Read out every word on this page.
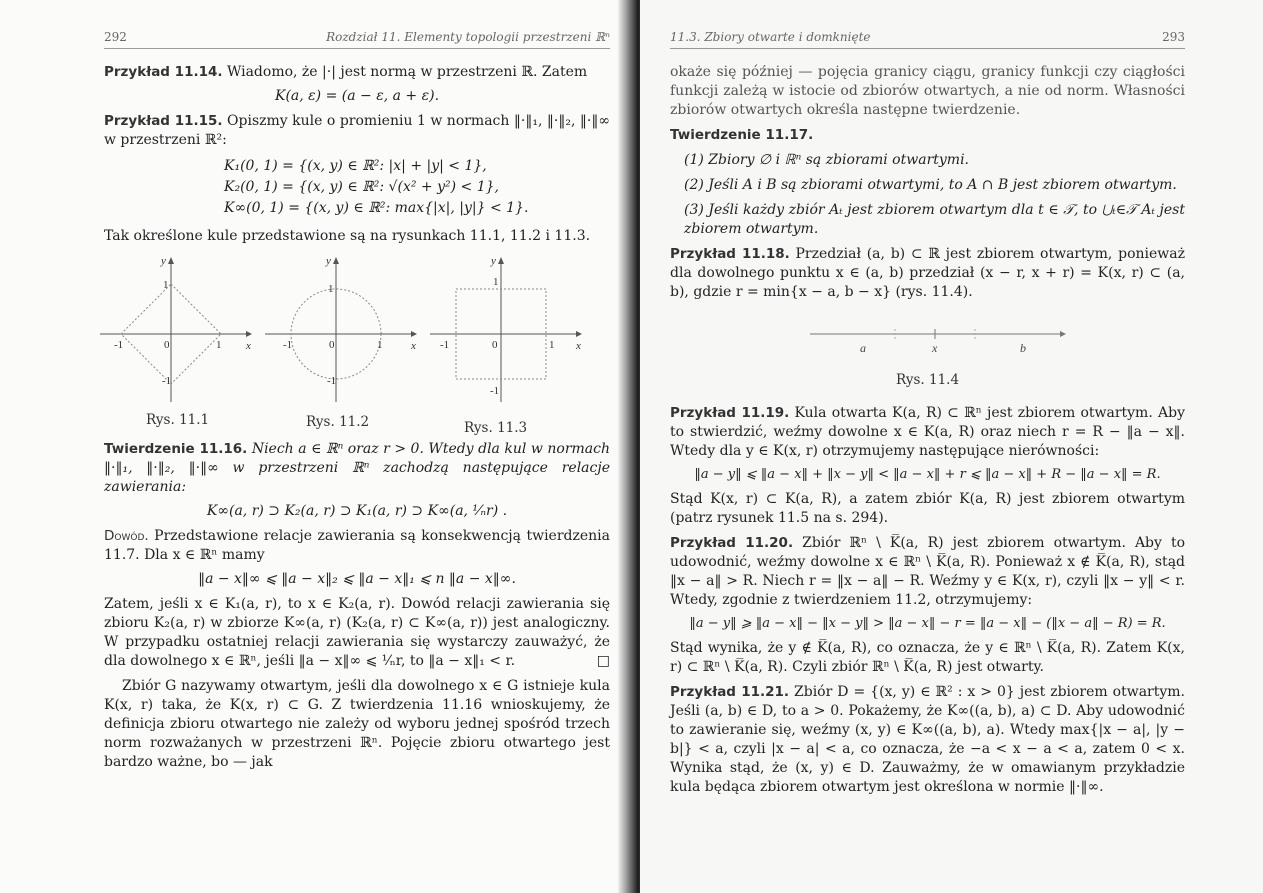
292	Rozdział 11. Elementy topologii przestrzeni ℝⁿ

Przykład 11.14. Wiadomo, że |·| jest normą w przestrzeni ℝ. Zatem

K(a, ε) = (a − ε, a + ε).

Przykład 11.15. Opiszmy kule o promieniu 1 w normach ‖·‖₁, ‖·‖₂, ‖·‖∞ w przestrzeni ℝ²:

K₁(0, 1) = {(x, y) ∈ ℝ²: |x| + |y| < 1},
K₂(0, 1) = {(x, y) ∈ ℝ²: √(x² + y²) < 1},
K∞(0, 1) = {(x, y) ∈ ℝ²: max{|x|, |y|} < 1}.

Tak określone kule przedstawione są na rysunkach 11.1, 11.2 i 11.3.

y
x
1
1
-1
-1
0
y
x
1
1
-1
-1
0
y
x
1
1
-1
-1
0
Rys. 11.1	Rys. 11.2	Rys. 11.3

Twierdzenie 11.16. Niech a ∈ ℝⁿ oraz r > 0. Wtedy dla kul w normach ‖·‖₁, ‖·‖₂, ‖·‖∞ w przestrzeni ℝⁿ zachodzą następujące relacje zawierania:

K∞(a, r) ⊃ K₂(a, r) ⊃ K₁(a, r) ⊃ K∞(a, ¹⁄ₙr) .

Dowód. Przedstawione relacje zawierania są konsekwencją twierdzenia 11.7. Dla x ∈ ℝⁿ mamy

‖a − x‖∞ ⩽ ‖a − x‖₂ ⩽ ‖a − x‖₁ ⩽ n ‖a − x‖∞.

Zatem, jeśli x ∈ K₁(a, r), to x ∈ K₂(a, r). Dowód relacji zawierania się zbioru K₂(a, r) w zbiorze K∞(a, r) (K₂(a, r) ⊂ K∞(a, r)) jest analogiczny. W przypadku ostatniej relacji zawierania się wystarczy zauważyć, że dla dowolnego x ∈ ℝⁿ, jeśli ‖a − x‖∞ ⩽ ¹⁄ₙr, to ‖a − x‖₁ < r.	□

Zbiór G nazywamy otwartym, jeśli dla dowolnego x ∈ G istnieje kula K(x, r) taka, że K(x, r) ⊂ G. Z twierdzenia 11.16 wnioskujemy, że definicja zbioru otwartego nie zależy od wyboru jednej spośród trzech norm rozważanych w przestrzeni ℝⁿ. Pojęcie zbioru otwartego jest bardzo ważne, bo — jak

11.3. Zbiory otwarte i domknięte	293

okaże się później — pojęcia granicy ciągu, granicy funkcji czy ciągłości funkcji zależą w istocie od zbiorów otwartych, a nie od norm. Własności zbiorów otwartych określa następne twierdzenie.

Twierdzenie 11.17.

(1) Zbiory ∅ i ℝⁿ są zbiorami otwartymi.

(2) Jeśli A i B są zbiorami otwartymi, to A ∩ B jest zbiorem otwartym.

(3) Jeśli każdy zbiór Aₜ jest zbiorem otwartym dla t ∈ 𝒯, to ⋃ₜ∈𝒯 Aₜ jest zbiorem otwartym.

Przykład 11.18. Przedział (a, b) ⊂ ℝ jest zbiorem otwartym, ponieważ dla dowolnego punktu x ∈ (a, b) przedział (x − r, x + r) = K(x, r) ⊂ (a, b), gdzie r = min{x − a, b − x} (rys. 11.4).

a	x	b
Rys. 11.4

Przykład 11.19. Kula otwarta K(a, R) ⊂ ℝⁿ jest zbiorem otwartym. Aby to stwierdzić, weźmy dowolne x ∈ K(a, R) oraz niech r = R − ‖a − x‖. Wtedy dla y ∈ K(x, r) otrzymujemy następujące nierówności:

‖a − y‖ ⩽ ‖a − x‖ + ‖x − y‖ < ‖a − x‖ + r ⩽ ‖a − x‖ + R − ‖a − x‖ = R.

Stąd K(x, r) ⊂ K(a, R), a zatem zbiór K(a, R) jest zbiorem otwartym (patrz rysunek 11.5 na s. 294).

Przykład 11.20. Zbiór ℝⁿ \ K̅(a, R) jest zbiorem otwartym. Aby to udowodnić, weźmy dowolne x ∈ ℝⁿ \ K̅(a, R). Ponieważ x ∉ K̅(a, R), stąd ‖x − a‖ > R. Niech r = ‖x − a‖ − R. Weźmy y ∈ K(x, r), czyli ‖x − y‖ < r. Wtedy, zgodnie z twierdzeniem 11.2, otrzymujemy:

‖a − y‖ ⩾ ‖a − x‖ − ‖x − y‖ > ‖a − x‖ − r = ‖a − x‖ − (‖x − a‖ − R) = R.

Stąd wynika, że y ∉ K̅(a, R), co oznacza, że y ∈ ℝⁿ \ K̅(a, R). Zatem K(x, r) ⊂ ℝⁿ \ K̅(a, R). Czyli zbiór ℝⁿ \ K̅(a, R) jest otwarty.

Przykład 11.21. Zbiór D = {(x, y) ∈ ℝ² : x > 0} jest zbiorem otwartym. Jeśli (a, b) ∈ D, to a > 0. Pokażemy, że K∞((a, b), a) ⊂ D. Aby udowodnić to zawieranie się, weźmy (x, y) ∈ K∞((a, b), a). Wtedy max{|x − a|, |y − b|} < a, czyli |x − a| < a, co oznacza, że −a < x − a < a, zatem 0 < x. Wynika stąd, że (x, y) ∈ D. Zauważmy, że w omawianym przykładzie kula będąca zbiorem otwartym jest określona w normie ‖·‖∞.
